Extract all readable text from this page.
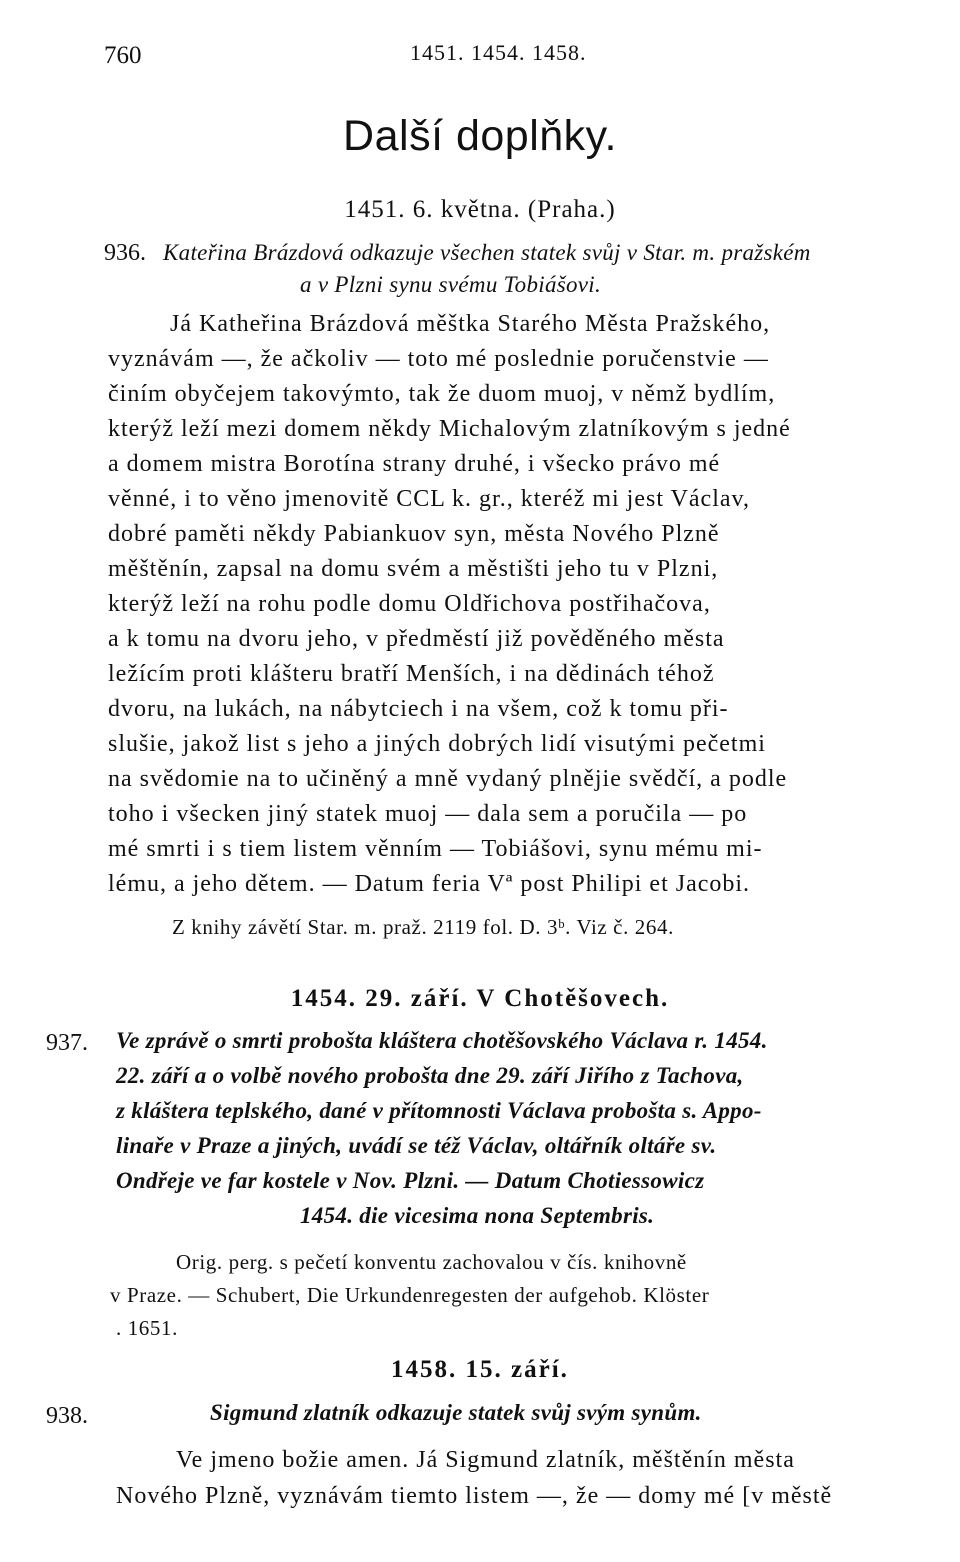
760	1451. 1454. 1458.
Další doplňky.
1451. 6. května. (Praha.)
936. Kateřina Brázdová odkazuje všechen statek svůj v Star. m. pražském
a v Plzni synu svému Tobiášovi.
Já Katheřina Brázdová měštka Starého Města Pražského,
vyznávám —, že ačkoliv — toto mé poslednie poručenstvie —
činím obyčejem takovýmto, tak že duom muoj, v němž bydlím,
kterýž leží mezi domem někdy Michalovým zlatníkovým s jedné
a domem mistra Borotína strany druhé, i všecko právo mé
věnné, i to věno jmenovitě CCL k. gr., kteréž mi jest Václav,
dobré paměti někdy Pabiankuov syn, města Nového Plzně
měštěnín, zapsal na domu svém a městišti jeho tu v Plzni,
kterýž leží na rohu podle domu Oldřichova postřihačova,
a k tomu na dvoru jeho, v předměstí již pověděného města
ležícím proti klášteru bratří Menších, i na dědinách téhož
dvoru, na lukách, na nábytciech i na všem, což k tomu při-
slušie, jakož list s jeho a jiných dobrých lidí visutými pečetmi
na svědomie na to učiněný a mně vydaný plnějie svědčí, a podle
toho i všecken jiný statek muoj — dala sem a poručila — po
mé smrti i s tiem listem věnním — Tobiášovi, synu mému mi-
lému, a jeho dětem. — Datum feria Vª post Philipi et Jacobi.
Z knihy závětí Star. m. praž. 2119 fol. D. 3ᵇ. Viz č. 264.
1454. 29. září. V Chotěšovech.
937. Ve zprávě o smrti probošta kláštera chotěšovského Václava r. 1454.
22. září a o volbě nového probošta dne 29. září Jiřího z Tachova,
z kláštera teplského, dané v přítomnosti Václava probošta s. Appo-
linaře v Praze a jiných, uvádí se též Václav, oltářník oltáře sv.
Ondřeje ve far kostele v Nov. Plzni. — Datum Chotiessowicz
1454. die vicesima nona Septembris.
Orig. perg. s pečetí konventu zachovalou v čís. knihovně
v Praze. — Schubert, Die Urkundenregesten der aufgehob. Klöster
. 1651.
1458. 15. září.
938.	Sigmund zlatník odkazuje statek svůj svým synům.
Ve jmeno božie amen. Já Sigmund zlatník, měštěnín města
Nového Plzně, vyznávám tiemto listem —, že — domy mé [v městě
